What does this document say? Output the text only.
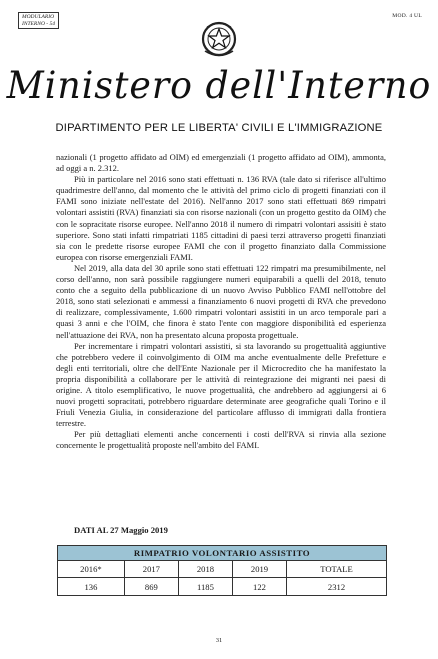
MODULARIO
INTERNO - 54
MOD. 4 UL
Ministero dell'Interno
DIPARTIMENTO PER LE LIBERTA' CIVILI E L'IMMIGRAZIONE

nazionali (1 progetto affidato ad OIM) ed emergenziali (1 progetto affidato ad OIM), ammonta, ad oggi a n. 2.312.

Più in particolare nel 2016 sono stati effettuati n. 136 RVA (tale dato si riferisce all'ultimo quadrimestre dell'anno, dal momento che le attività del primo ciclo di progetti finanziati con il FAMI sono iniziate nell'estate del 2016). Nell'anno 2017 sono stati effettuati 869 rimpatri volontari assistiti (RVA) finanziati sia con risorse nazionali (con un progetto gestito da OIM) che con le sopracitate risorse europee. Nell'anno 2018 il numero di rimpatri volontari assisiti è stato superiore. Sono stati infatti rimpatriati 1185 cittadini di paesi terzi attraverso progetti finanziati sia con le predette risorse europee FAMI che con il progetto finanziato dalla Commissione europea con risorse emergenziali FAMI.

Nel 2019, alla data del 30 aprile sono stati effettuati 122 rimpatri ma presumibilmente, nel corso dell'anno, non sarà possibile raggiungere numeri equiparabili a quelli del 2018, tenuto conto che a seguito della pubblicazione di un nuovo Avviso Pubblico FAMI nell'ottobre del 2018, sono stati selezionati e ammessi a finanziamento 6 nuovi progetti di RVA che prevedono di realizzare, complessivamente, 1.600 rimpatri volontari assistiti in un arco temporale pari a quasi 3 anni e che l'OIM, che finora è stato l'ente con maggiore disponibilità ed esperienza nell'attuazione dei RVA, non ha presentato alcuna proposta progettuale.

Per incrementare i rimpatri volontari assistiti, si sta lavorando su progettualità aggiuntive che potrebbero vedere il coinvolgimento di OIM ma anche eventualmente delle Prefetture e degli enti territoriali, oltre che dell'Ente Nazionale per il Microcredito che ha manifestato la propria disponibilità a collaborare per le attività di reintegrazione dei migranti nei paesi di origine. A titolo esemplificativo, le nuove progettualità, che andrebbero ad aggiungersi ai 6 nuovi progetti sopracitati, potrebbero riguardare determinate aree geografiche quali Torino e il Friuli Venezia Giulia, in considerazione del particolare afflusso di immigrati dalla frontiera terrestre.

Per più dettagliati elementi anche concernenti i costi dell'RVA si rinvia alla sezione concernente le progettualità proposte nell'ambito del FAMI.

DATI AL 27 Maggio 2019
RIMPATRIO VOLONTARIO ASSISTITO				
2016*	2017	2018	2019	TOTALE
136	869	1185	122	2312
31
